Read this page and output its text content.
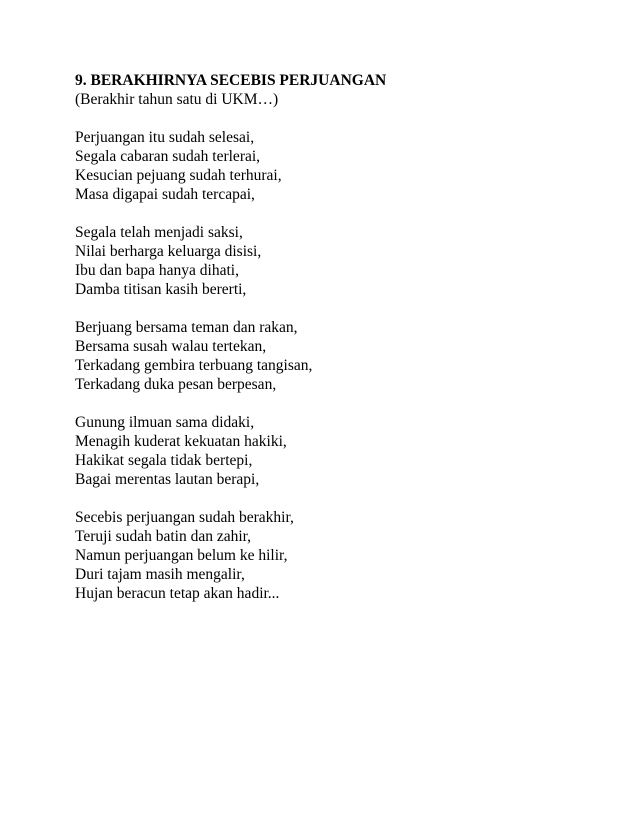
9. BERAKHIRNYA SECEBIS PERJUANGAN
(Berakhir tahun satu di UKM…)
Perjuangan itu sudah selesai,
Segala cabaran sudah terlerai,
Kesucian pejuang sudah terhurai,
Masa digapai sudah tercapai,
Segala telah menjadi saksi,
Nilai berharga keluarga disisi,
Ibu dan bapa hanya dihati,
Damba titisan kasih bererti,
Berjuang bersama teman dan rakan,
Bersama susah walau tertekan,
Terkadang gembira terbuang tangisan,
Terkadang duka pesan berpesan,
Gunung ilmuan sama didaki,
Menagih kuderat kekuatan hakiki,
Hakikat segala tidak bertepi,
Bagai merentas lautan berapi,
Secebis perjuangan sudah berakhir,
Teruji sudah batin dan zahir,
Namun perjuangan belum ke hilir,
Duri tajam masih mengalir,
Hujan beracun tetap akan hadir...
